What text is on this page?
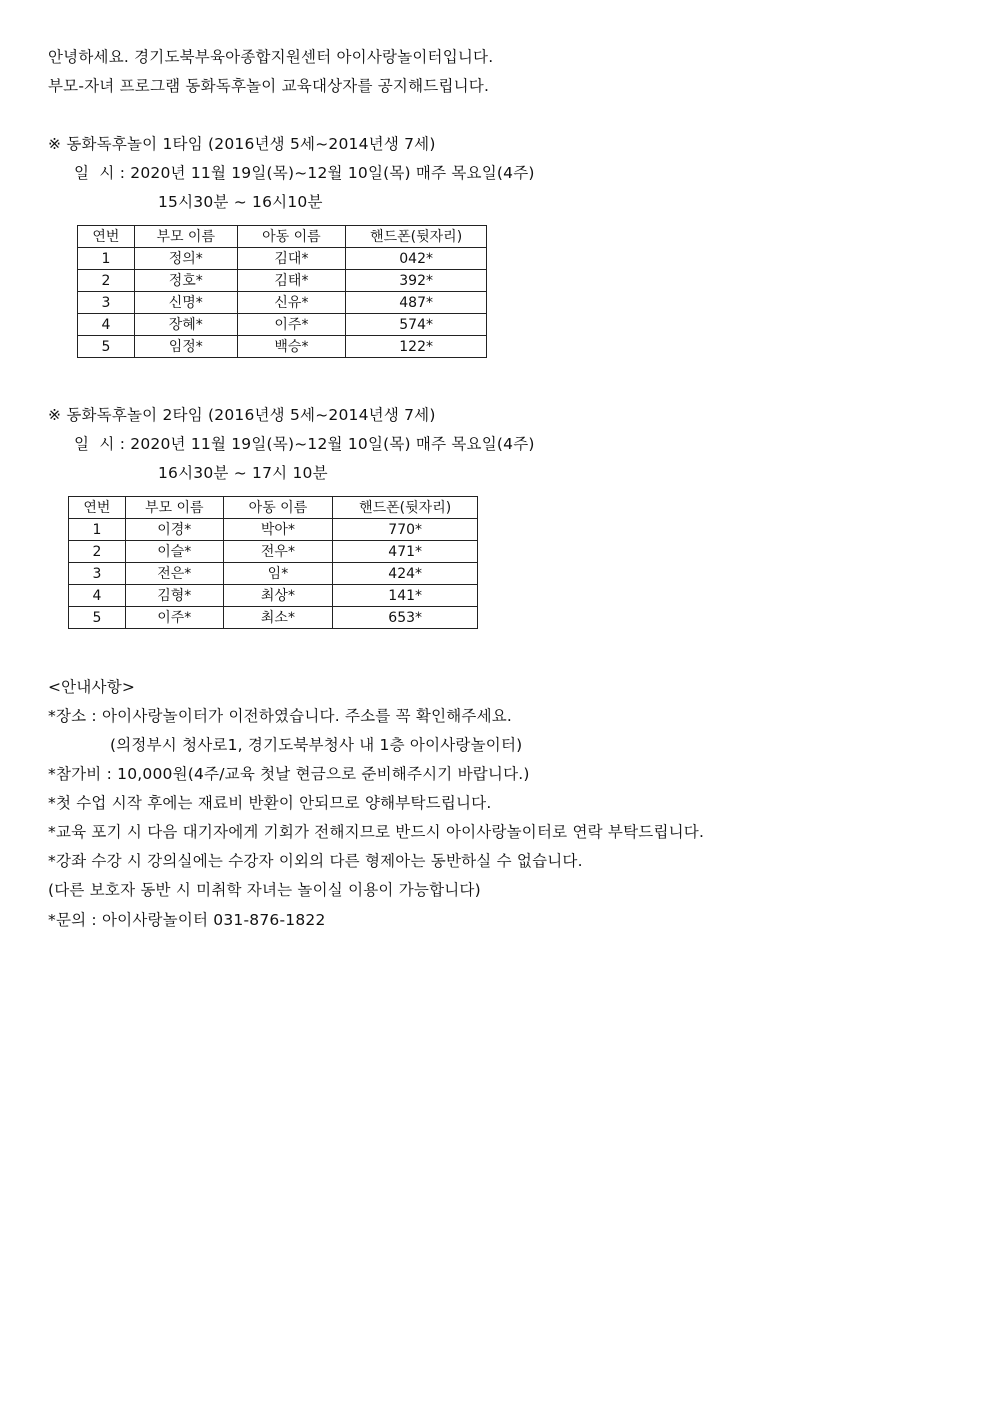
안녕하세요. 경기도북부육아종합지원센터 아이사랑놀이터입니다.
부모-자녀 프로그램 동화독후놀이 교육대상자를 공지해드립니다.
※ 동화독후놀이 1타임 (2016년생 5세~2014년생 7세)
일  시 : 2020년 11월 19일(목)~12월 10일(목) 매주 목요일(4주)
15시30분 ~ 16시10분
연번	부모 이름	아동 이름	핸드폰(뒷자리)
1	정의*	김대*	042*
2	정호*	김태*	392*
3	신명*	신유*	487*
4	장혜*	이주*	574*
5	임정*	백승*	122*
※ 동화독후놀이 2타임 (2016년생 5세~2014년생 7세)
일  시 : 2020년 11월 19일(목)~12월 10일(목) 매주 목요일(4주)
16시30분 ~ 17시 10분
연번	부모 이름	아동 이름	핸드폰(뒷자리)
1	이경*	박아*	770*
2	이슬*	전우*	471*
3	전은*	임*	424*
4	김형*	최상*	141*
5	이주*	최소*	653*
<안내사항>
*장소 : 아이사랑놀이터가 이전하였습니다. 주소를 꼭 확인해주세요.
(의정부시 청사로1, 경기도북부청사 내 1층 아이사랑놀이터)
*참가비 : 10,000원(4주/교육 첫날 현금으로 준비해주시기 바랍니다.)
*첫 수업 시작 후에는 재료비 반환이 안되므로 양해부탁드립니다.
*교육 포기 시 다음 대기자에게 기회가 전해지므로 반드시 아이사랑놀이터로 연락 부탁드립니다.
*강좌 수강 시 강의실에는 수강자 이외의 다른 형제아는 동반하실 수 없습니다.
(다른 보호자 동반 시 미취학 자녀는 놀이실 이용이 가능합니다)
*문의 : 아이사랑놀이터 031-876-1822
